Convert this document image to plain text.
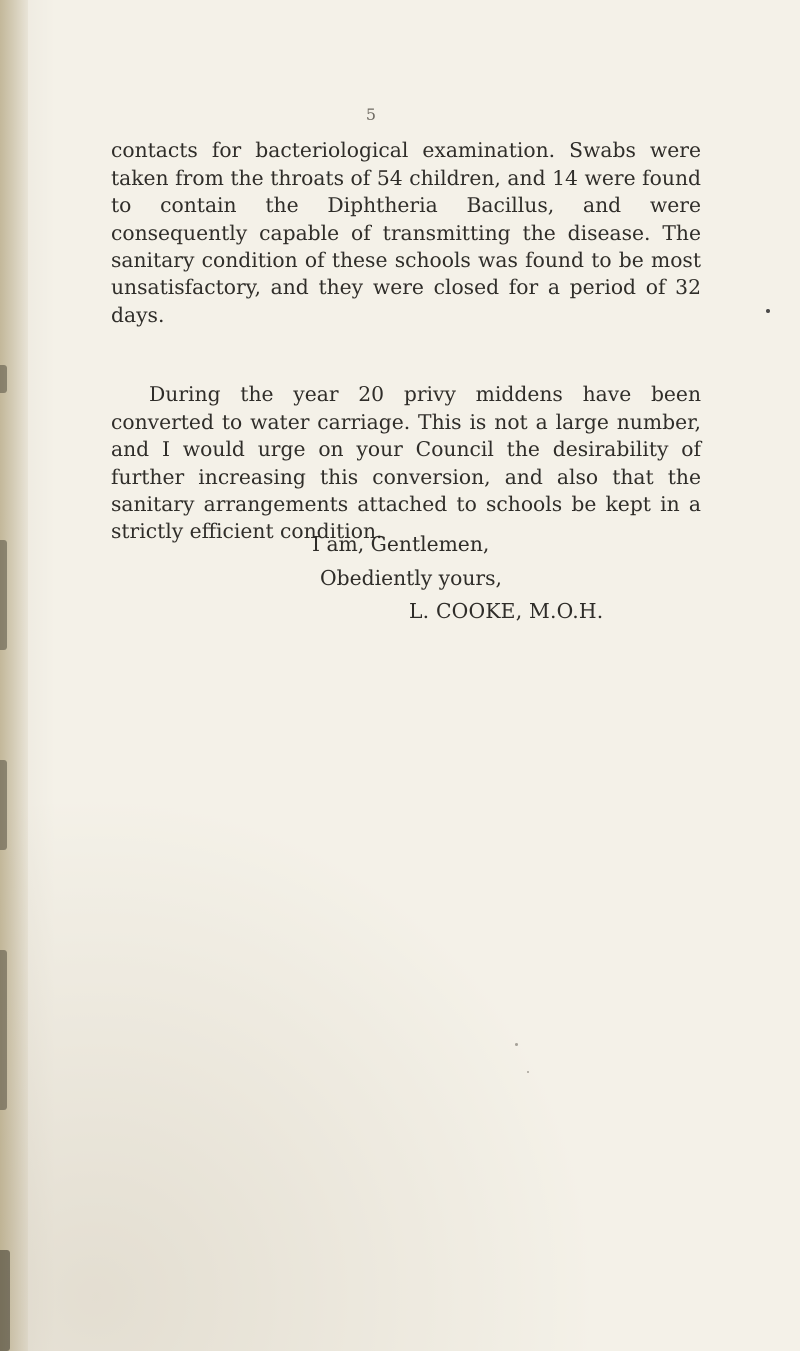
5

contacts for bacteriological examination. Swabs were taken from the throats of 54 children, and 14 were found to contain the Diphtheria Bacillus, and were consequently capable of transmitting the disease. The sanitary condition of these schools was found to be most unsatisfactory, and they were closed for a period of 32 days.

During the year 20 privy middens have been converted to water carriage. This is not a large number, and I would urge on your Council the desirability of further increasing this conversion, and also that the sanitary arrangements attached to schools be kept in a strictly efficient condition.

I am, Gentlemen,
Obediently yours,
L. COOKE, M.O.H.
